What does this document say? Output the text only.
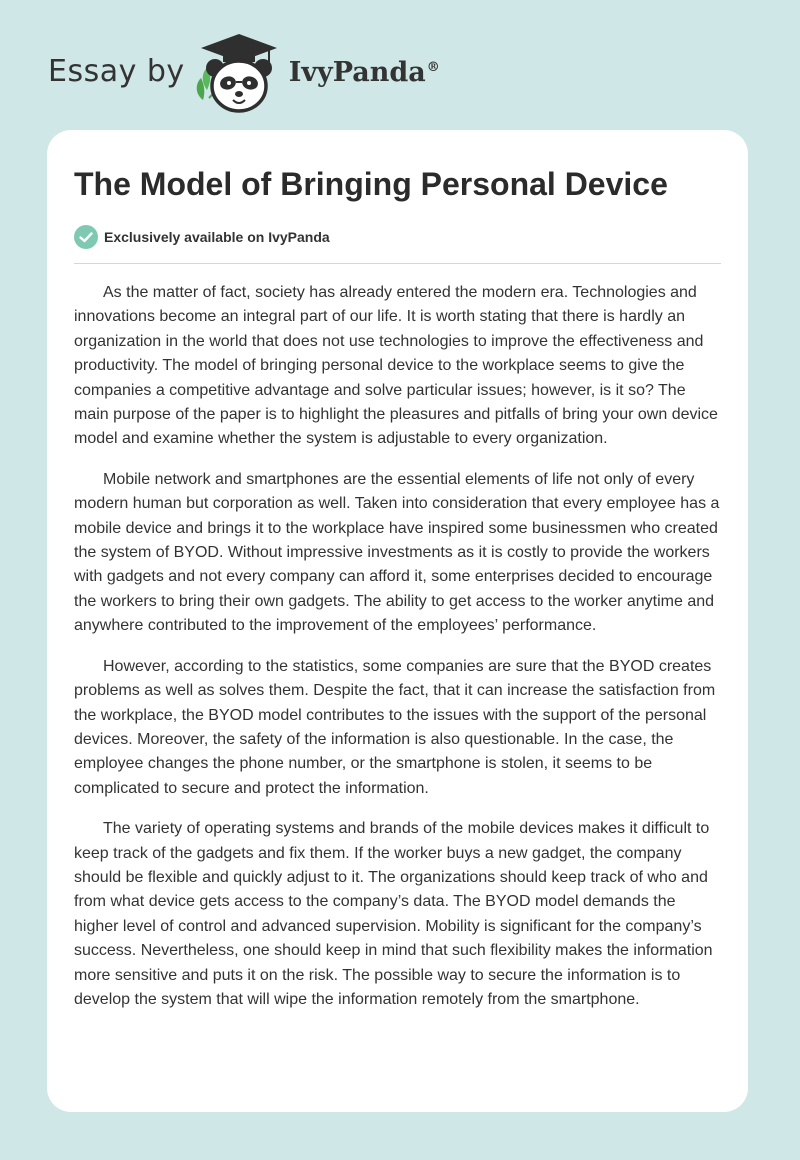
Essay by	IvyPanda®
The Model of Bringing Personal Device
Exclusively available on IvyPanda

As the matter of fact, society has already entered the modern era. Technologies and innovations become an integral part of our life. It is worth stating that there is hardly an organization in the world that does not use technologies to improve the effectiveness and productivity. The model of bringing personal device to the workplace seems to give the companies a competitive advantage and solve particular issues; however, is it so? The main purpose of the paper is to highlight the pleasures and pitfalls of bring your own device model and examine whether the system is adjustable to every organization.

Mobile network and smartphones are the essential elements of life not only of every modern human but corporation as well. Taken into consideration that every employee has a mobile device and brings it to the workplace have inspired some businessmen who created the system of BYOD. Without impressive investments as it is costly to provide the workers with gadgets and not every company can afford it, some enterprises decided to encourage the workers to bring their own gadgets. The ability to get access to the worker anytime and anywhere contributed to the improvement of the employees’ performance.

However, according to the statistics, some companies are sure that the BYOD creates problems as well as solves them. Despite the fact, that it can increase the satisfaction from the workplace, the BYOD model contributes to the issues with the support of the personal devices. Moreover, the safety of the information is also questionable. In the case, the employee changes the phone number, or the smartphone is stolen, it seems to be complicated to secure and protect the information.

The variety of operating systems and brands of the mobile devices makes it difficult to keep track of the gadgets and fix them. If the worker buys a new gadget, the company should be flexible and quickly adjust to it. The organizations should keep track of who and from what device gets access to the company’s data. The BYOD model demands the higher level of control and advanced supervision. Mobility is significant for the company’s success. Nevertheless, one should keep in mind that such flexibility makes the information more sensitive and puts it on the risk. The possible way to secure the information is to develop the system that will wipe the information remotely from the smartphone.
